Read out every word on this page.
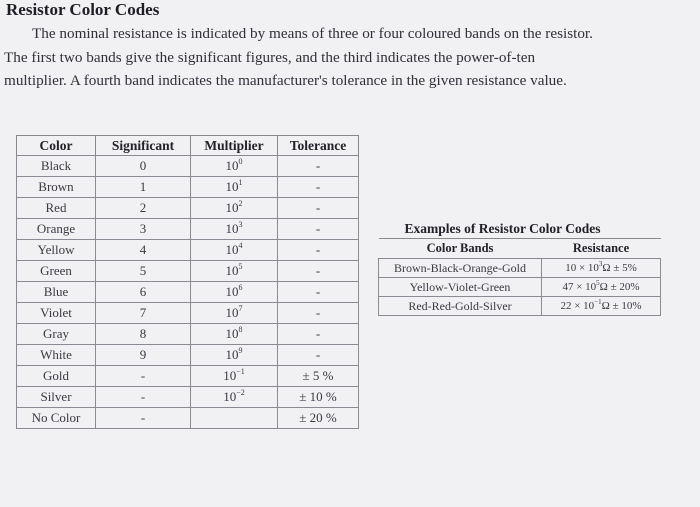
Resistor Color Codes
The nominal resistance is indicated by means of three or four coloured bands on the resistor. The first two bands give the significant figures, and the third indicates the power-of-ten multiplier. A fourth band indicates the manufacturer's tolerance in the given resistance value.
Color	Significant	Multiplier	Tolerance
Black	0	$10^0$	-
Brown	1	$10^1$	-
Red	2	$10^2$	-
Orange	3	$10^3$	-
Yellow	4	$10^4$	-
Green	5	$10^5$	-
Blue	6	$10^6$	-
Violet	7	$10^7$	-
Gray	8	$10^8$	-
White	9	$10^9$	-
Gold	-	$10^{-1}$	± 5 %
Silver	-	$10^{-2}$	± 10 %
No Color	-		± 20 %
Examples of Resistor Color Codes	
Color Bands	Resistance
Brown-Black-Orange-Gold	$10 \times 10^3\Omega \pm 5\%$
Yellow-Violet-Green	$47 \times 10^5\Omega \pm 20\%$
Red-Red-Gold-Silver	$22 \times 10^{-1}\Omega \pm 10\%$
